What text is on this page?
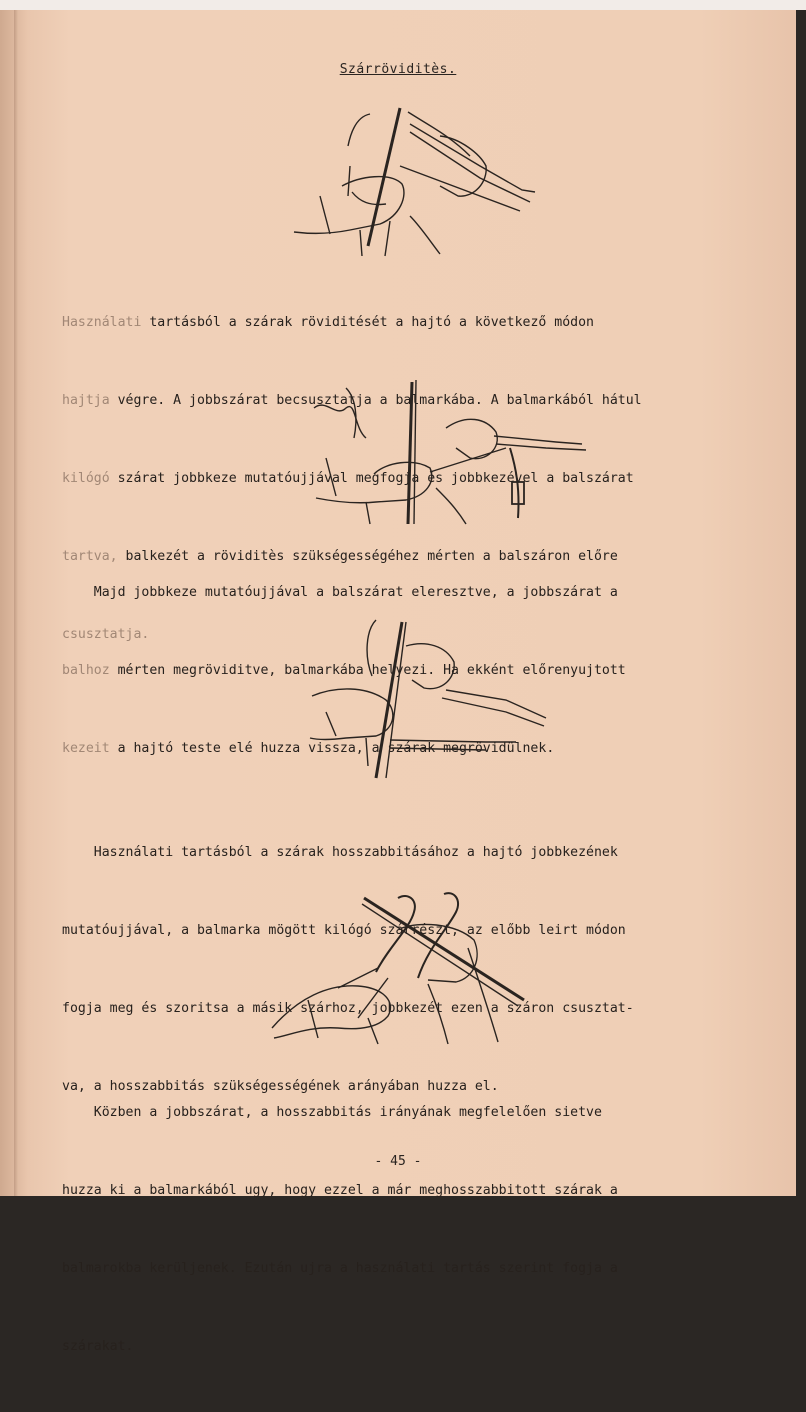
Szárröviditès.

Használati tartásból a szárak röviditését a hajtó a következő módon

hajtja végre. A jobbszárat becsusztatja a balmarkába. A balmarkából hátul

kilógó szárat jobbkeze mutatóujjával megfogja és jobbkezével a balszárat

tartva, balkezét a röviditès szükségességéhez mérten a balszáron előre

csusztatja.

Majd jobbkeze mutatóujjával a balszárat eleresztve, a jobbszárat a

balhoz mérten megröviditve, balmarkába helyezi. Ha ekként előrenyujtott

kezeit a hajtó teste elé huzza vissza, a szárak megrövidülnek.

Használati tartásból a szárak hosszabbitásához a hajtó jobbkezének

mutatóujjával, a balmarka mögött kilógó szárrészt, az előbb leirt módon

fogja meg és szoritsa a másik szárhoz, jobbkezét ezen a száron csusztat-

va, a hosszabbitás szükségességének arányában huzza el.

Közben a jobbszárat, a hosszabbitás irányának megfelelően sietve

huzza ki a balmarkából ugy, hogy ezzel a már meghosszabbitott szárak a

balmarokba kerüljenek. Ezután ujra a használati tartás szerint fogja a

szárakat.

- 45 -
